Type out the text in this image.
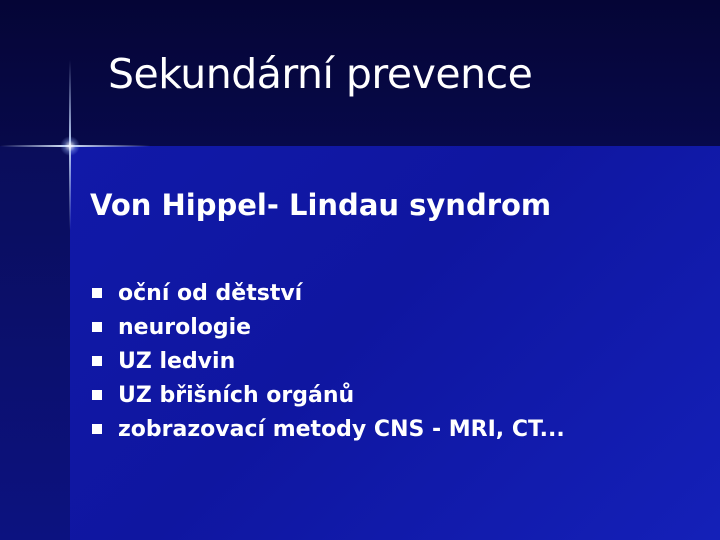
Sekundární prevence
Von Hippel- Lindau syndrom
oční od dětství
neurologie
UZ ledvin
UZ břišních orgánů
zobrazovací metody CNS - MRI, CT...
